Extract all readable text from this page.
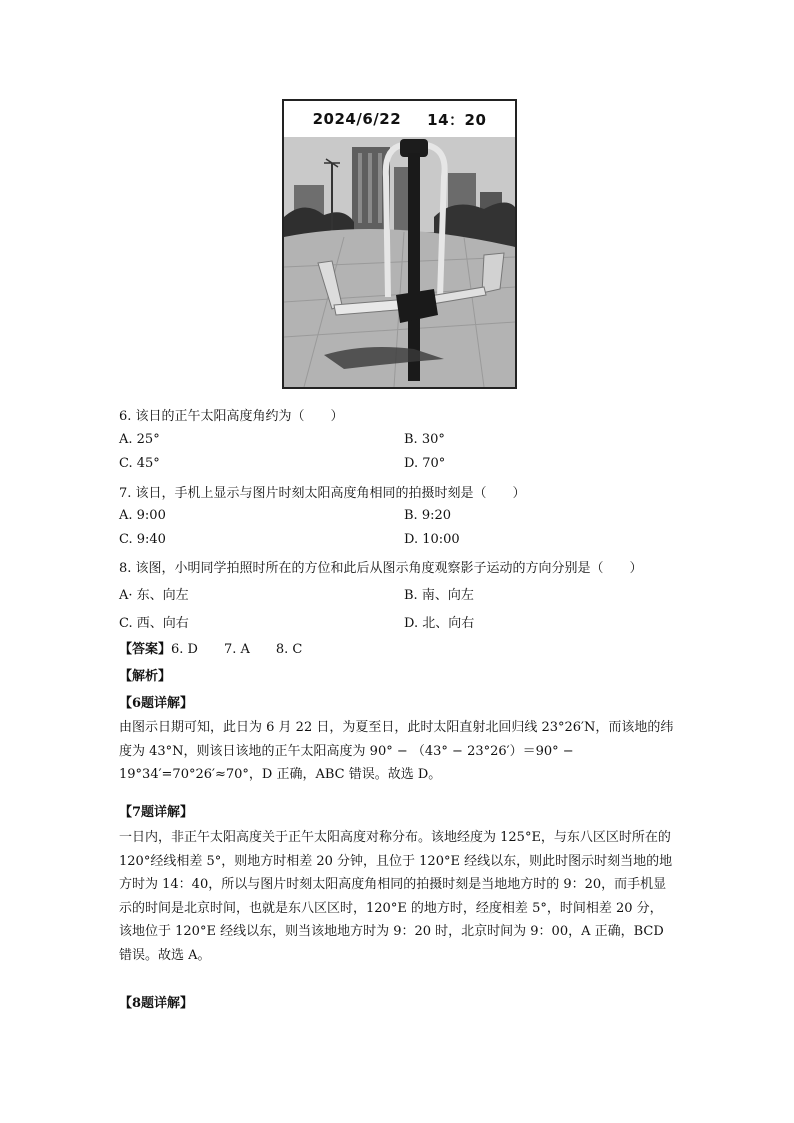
2024/6/22 14：20
6. 该日的正午太阳高度角约为（　　）
A. 25°	B. 30°
C. 45°	D. 70°
7. 该日，手机上显示与图片时刻太阳高度角相同的拍摄时刻是（　　）
A. 9:00	B. 9:20
C. 9:40	D. 10:00
8. 该图，小明同学拍照时所在的方位和此后从图示角度观察影子运动的方向分别是（　　）
A· 东、向左	B. 南、向左
C. 西、向右	D. 北、向右
【答案】6. D　　7. A　　8. C
【解析】
【6题详解】
由图示日期可知，此日为 6 月 22 日，为夏至日，此时太阳直射北回归线 23°26′N，而该地的纬度为 43°N，则该日该地的正午太阳高度为 90° − （43° − 23°26′）＝90° − 19°34′=70°26′≈70°，D 正确，ABC 错误。故选 D。
【7题详解】
一日内，非正午太阳高度关于正午太阳高度对称分布。该地经度为 125°E，与东八区区时所在的 120°经线相差 5°，则地方时相差 20 分钟，且位于 120°E 经线以东，则此时图示时刻当地的地方时为 14：40，所以与图片时刻太阳高度角相同的拍摄时刻是当地地方时的 9：20，而手机显示的时间是北京时间，也就是东八区区时，120°E 的地方时，经度相差 5°，时间相差 20 分，该地位于 120°E 经线以东，则当该地地方时为 9：20 时，北京时间为 9：00，A 正确，BCD 错误。故选 A。
【8题详解】
